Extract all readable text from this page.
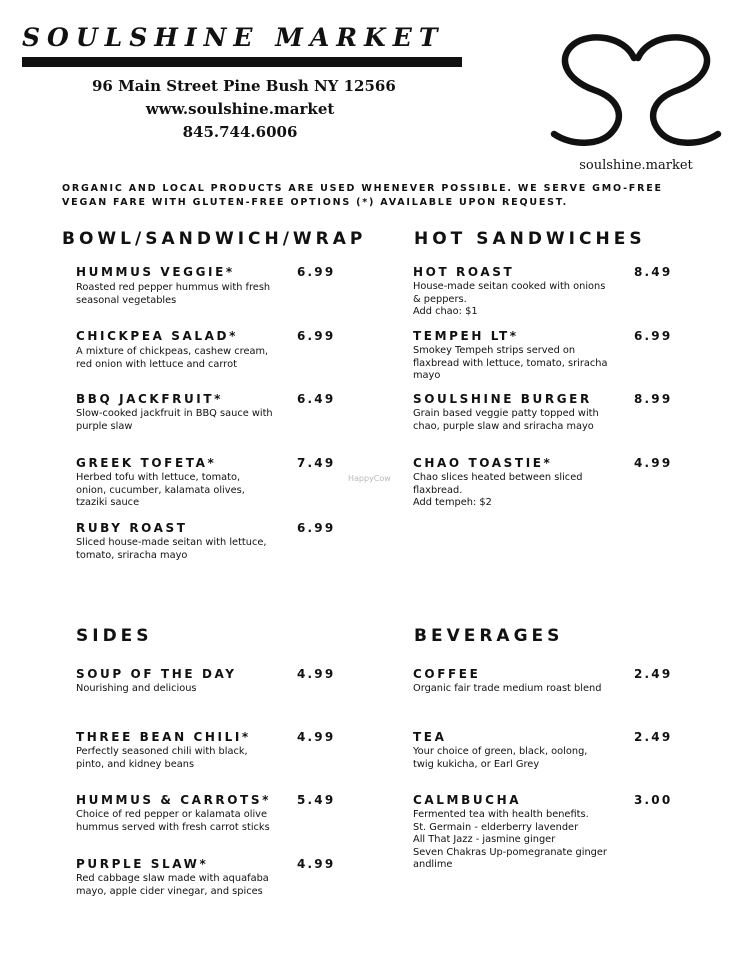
SOULSHINE MARKET
96 Main Street Pine Bush NY 12566
www.soulshine.market
845.744.6006
soulshine.market
ORGANIC AND LOCAL PRODUCTS ARE USED WHENEVER POSSIBLE. WE SERVE GMO-FREE VEGAN FARE WITH GLUTEN-FREE OPTIONS (*) AVAILABLE UPON REQUEST.
BOWL/SANDWICH/WRAP
HUMMUS VEGGIE*	6.99
Roasted red pepper hummus with fresh
seasonal vegetables
CHICKPEA SALAD*	6.99
A mixture of chickpeas, cashew cream,
red onion with lettuce and carrot
BBQ JACKFRUIT*	6.49
Slow-cooked jackfruit in BBQ sauce with
purple slaw
GREEK TOFETA*	7.49
Herbed tofu with lettuce, tomato,
onion, cucumber, kalamata olives,
tzaziki sauce
RUBY ROAST	6.99
Sliced house-made seitan with lettuce,
tomato, sriracha mayo
HOT SANDWICHES
HOT ROAST	8.49
House-made seitan cooked with onions
& peppers.
Add chao: $1
TEMPEH LT*	6.99
Smokey Tempeh strips served on
flaxbread with lettuce, tomato, sriracha
mayo
SOULSHINE BURGER	8.99
Grain based veggie patty topped with
chao, purple slaw and sriracha mayo
CHAO TOASTIE*	4.99
Chao slices heated between sliced
flaxbread.
Add tempeh: $2
HappyCow
SIDES
SOUP OF THE DAY	4.99
Nourishing and delicious
THREE BEAN CHILI*	4.99
Perfectly seasoned chili with black,
pinto, and kidney beans
HUMMUS & CARROTS* 5.49
Choice of red pepper or kalamata olive
hummus served with fresh carrot sticks
PURPLE SLAW*	4.99
Red cabbage slaw made with aquafaba
mayo, apple cider vinegar, and spices
BEVERAGES
COFFEE	2.49
Organic fair trade medium roast blend
TEA	2.49
Your choice of green, black, oolong,
twig kukicha, or Earl Grey
CALMBUCHA	3.00
Fermented tea with health benefits.
St. Germain - elderberry lavender
All That Jazz - jasmine ginger
Seven Chakras Up-pomegranate ginger
andlime
